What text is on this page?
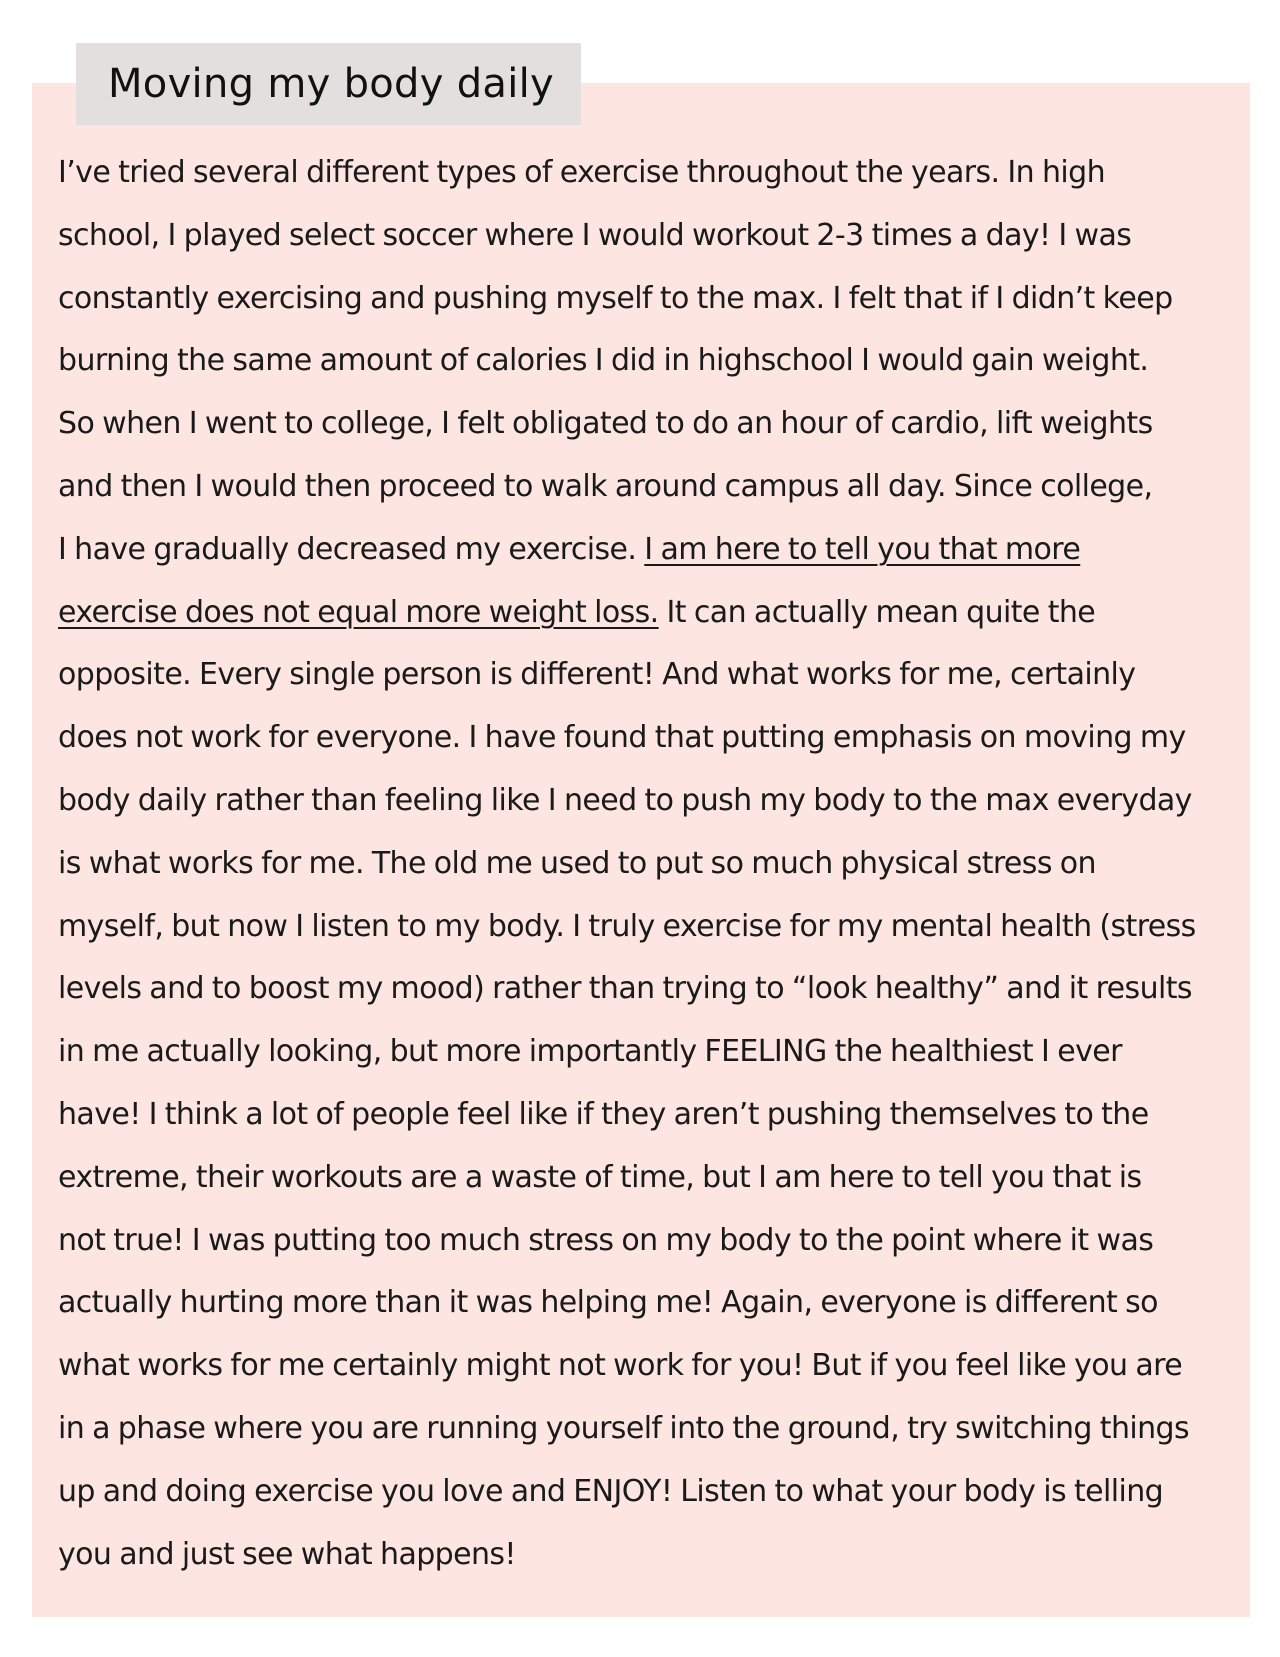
Moving my body daily

I’ve tried several different types of exercise throughout the years. In high
school, I played select soccer where I would workout 2-3 times a day! I was
constantly exercising and pushing myself to the max. I felt that if I didn’t keep
burning the same amount of calories I did in highschool I would gain weight.
So when I went to college, I felt obligated to do an hour of cardio, lift weights
and then I would then proceed to walk around campus all day. Since college,
I have gradually decreased my exercise. I am here to tell you that more
exercise does not equal more weight loss. It can actually mean quite the
opposite. Every single person is different! And what works for me, certainly
does not work for everyone. I have found that putting emphasis on moving my
body daily rather than feeling like I need to push my body to the max everyday
is what works for me. The old me used to put so much physical stress on
myself, but now I listen to my body. I truly exercise for my mental health (stress
levels and to boost my mood) rather than trying to “look healthy” and it results
in me actually looking, but more importantly FEELING the healthiest I ever
have! I think a lot of people feel like if they aren’t pushing themselves to the
extreme, their workouts are a waste of time, but I am here to tell you that is
not true! I was putting too much stress on my body to the point where it was
actually hurting more than it was helping me! Again, everyone is different so
what works for me certainly might not work for you! But if you feel like you are
in a phase where you are running yourself into the ground, try switching things
up and doing exercise you love and ENJOY! Listen to what your body is telling
you and just see what happens!
